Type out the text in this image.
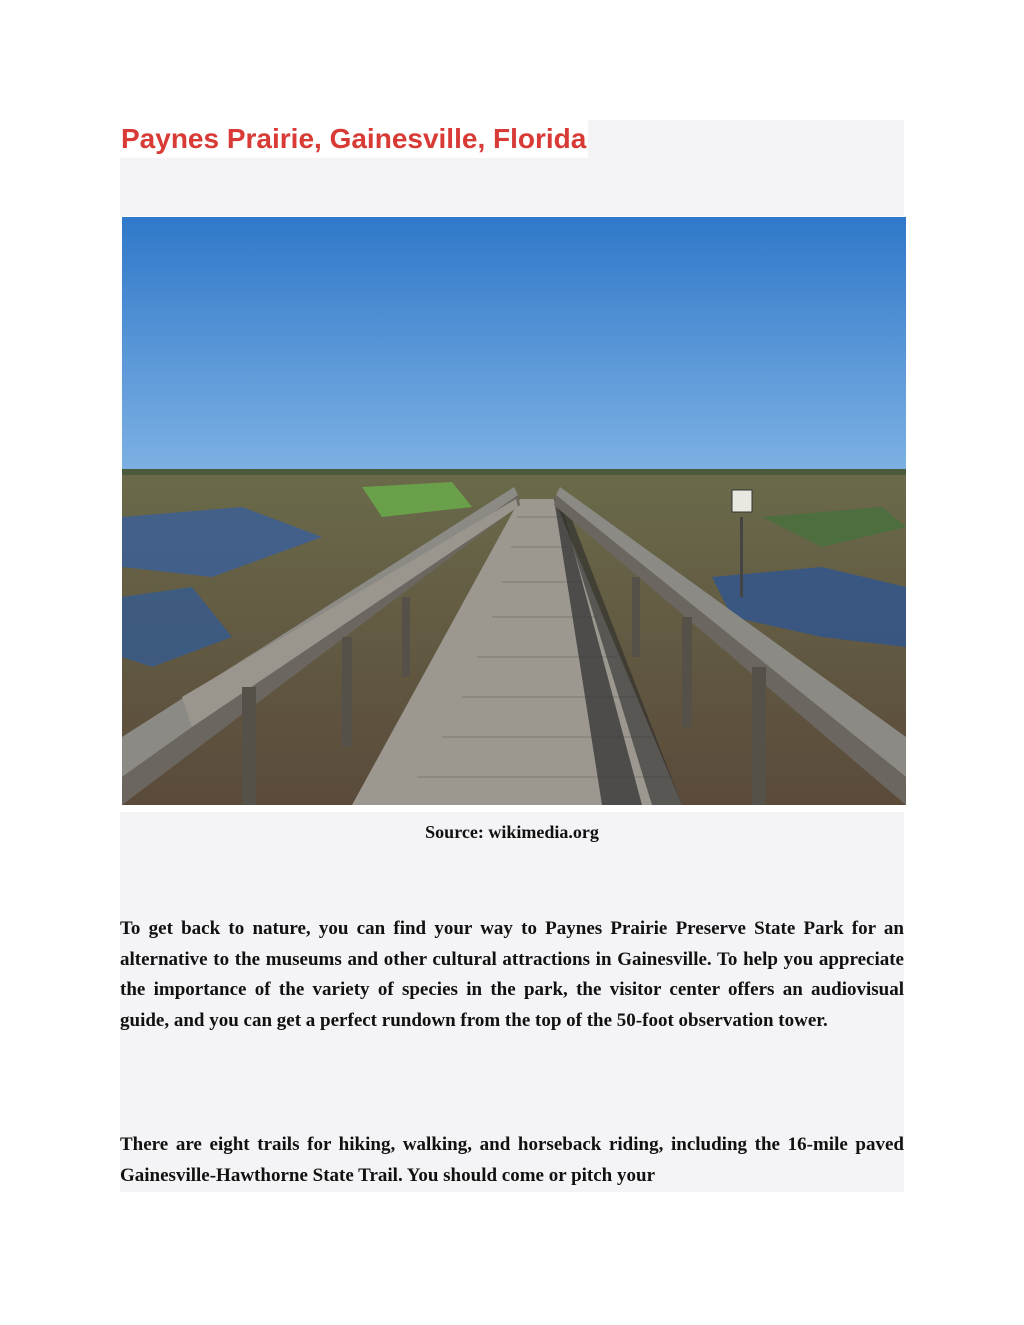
Paynes Prairie, Gainesville, Florida
Source: wikimedia.org

To get back to nature, you can find your way to Paynes Prairie Preserve State Park for an alternative to the museums and other cultural attractions in Gainesville. To help you appreciate the importance of the variety of species in the park, the visitor center offers an audiovisual guide, and you can get a perfect rundown from the top of the 50-foot observation tower.

There are eight trails for hiking, walking, and horseback riding, including the 16-mile paved Gainesville-Hawthorne State Trail. You should come or pitch your
